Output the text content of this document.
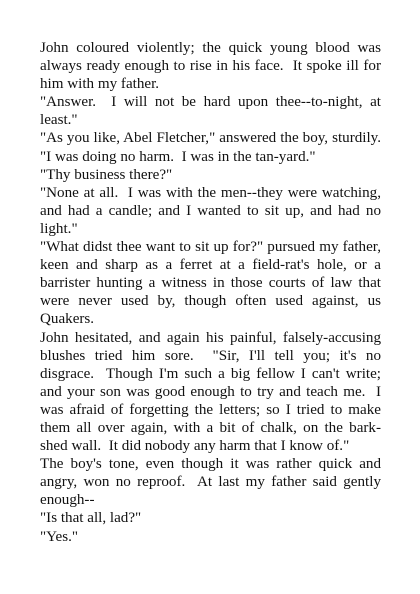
John coloured violently; the quick young blood was always ready enough to rise in his face.  It spoke ill for him with my father.

"Answer.  I will not be hard upon thee--to-night, at least."

"As you like, Abel Fletcher," answered the boy, sturdily.  "I was doing no harm.  I was in the tan-yard."

"Thy business there?"

"None at all.  I was with the men--they were watching, and had a candle; and I wanted to sit up, and had no light."

"What didst thee want to sit up for?" pursued my father, keen and sharp as a ferret at a field-rat's hole, or a barrister hunting a witness in those courts of law that were never used by, though often used against, us Quakers.

John hesitated, and again his painful, falsely-accusing blushes tried him sore.  "Sir, I'll tell you; it's no disgrace.  Though I'm such a big fellow I can't write; and your son was good enough to try and teach me.  I was afraid of forgetting the letters; so I tried to make them all over again, with a bit of chalk, on the bark-shed wall.  It did nobody any harm that I know of."

The boy's tone, even though it was rather quick and angry, won no reproof.  At last my father said gently enough--

"Is that all, lad?"

"Yes."
